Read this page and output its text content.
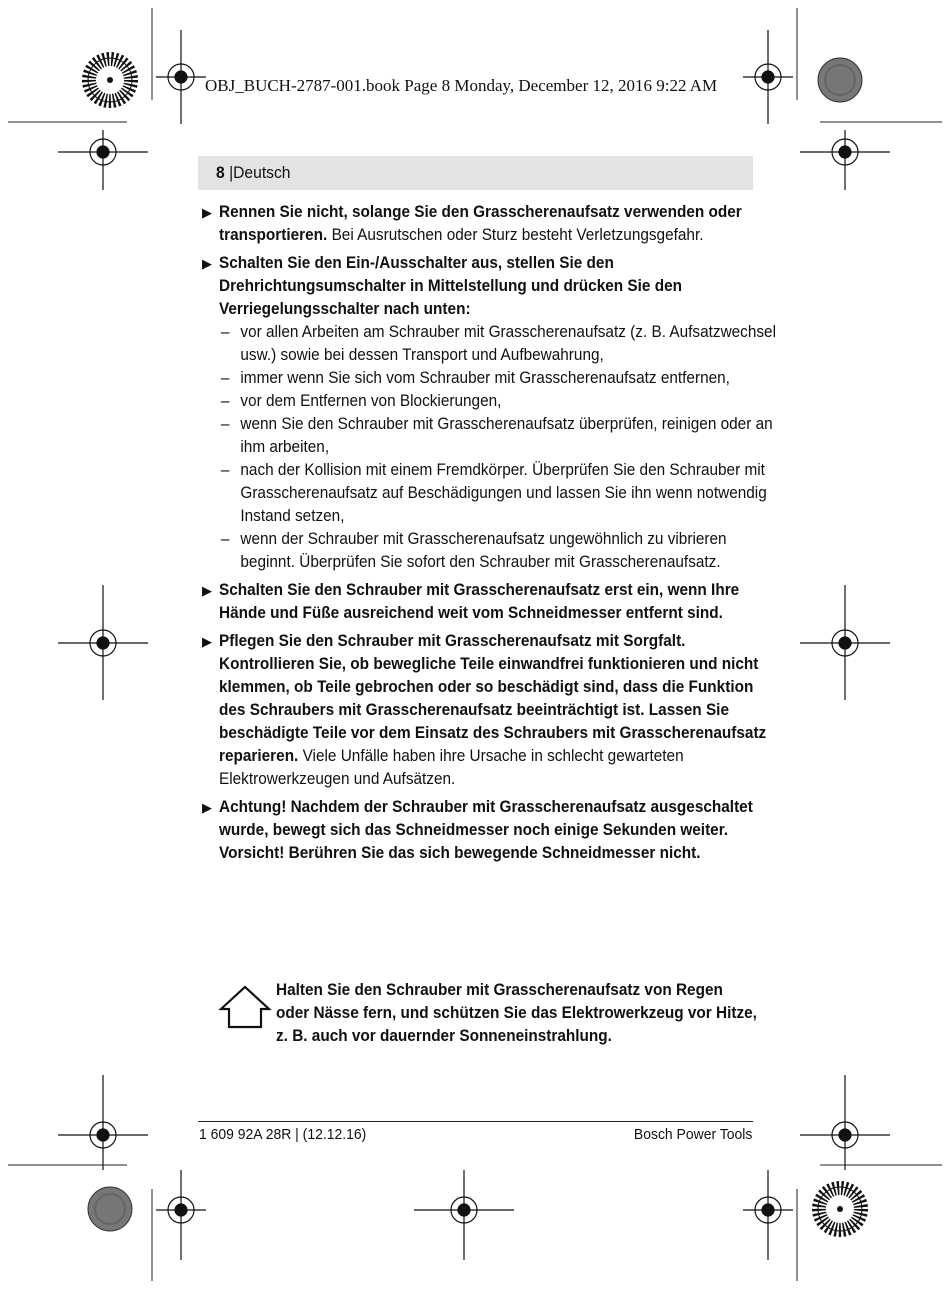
OBJ_BUCH-2787-001.book Page 8 Monday, December 12, 2016 9:22 AM
8 |Deutsch
▶ Rennen Sie nicht, solange Sie den Grasscherenaufsatz verwenden oder transportieren. Bei Ausrutschen oder Sturz besteht Verletzungsgefahr.
▶ Schalten Sie den Ein-/Ausschalter aus, stellen Sie den Drehrichtungsumschalter in Mittelstellung und drücken Sie den Verriegelungsschalter nach unten:
– vor allen Arbeiten am Schrauber mit Grasscherenaufsatz (z. B. Aufsatzwechsel usw.) sowie bei dessen Transport und Aufbewahrung,
– immer wenn Sie sich vom Schrauber mit Grasscherenaufsatz entfernen,
– vor dem Entfernen von Blockierungen,
– wenn Sie den Schrauber mit Grasscherenaufsatz überprüfen, reinigen oder an ihm arbeiten,
– nach der Kollision mit einem Fremdkörper. Überprüfen Sie den Schrauber mit Grasscherenaufsatz auf Beschädigungen und lassen Sie ihn wenn notwendig Instand setzen,
– wenn der Schrauber mit Grasscherenaufsatz ungewöhnlich zu vibrieren beginnt. Überprüfen Sie sofort den Schrauber mit Grasscherenaufsatz.
▶ Schalten Sie den Schrauber mit Grasscherenaufsatz erst ein, wenn Ihre Hände und Füße ausreichend weit vom Schneidmesser entfernt sind.
▶ Pflegen Sie den Schrauber mit Grasscherenaufsatz mit Sorgfalt. Kontrollieren Sie, ob bewegliche Teile einwandfrei funktionieren und nicht klemmen, ob Teile gebrochen oder so beschädigt sind, dass die Funktion des Schraubers mit Grasscherenaufsatz beeinträchtigt ist. Lassen Sie beschädigte Teile vor dem Einsatz des Schraubers mit Grasscherenaufsatz reparieren. Viele Unfälle haben ihre Ursache in schlecht gewarteten Elektrowerkzeugen und Aufsätzen.
▶ Achtung! Nachdem der Schrauber mit Grasscherenaufsatz ausgeschaltet wurde, bewegt sich das Schneidmesser noch einige Sekunden weiter.
Vorsicht! Berühren Sie das sich bewegende Schneidmesser nicht.
Halten Sie den Schrauber mit Grasscherenaufsatz von Regen oder Nässe fern, und schützen Sie das Elektrowerkzeug vor Hitze, z. B. auch vor dauernder Sonneneinstrahlung.
1 609 92A 28R | (12.12.16)	Bosch Power Tools
